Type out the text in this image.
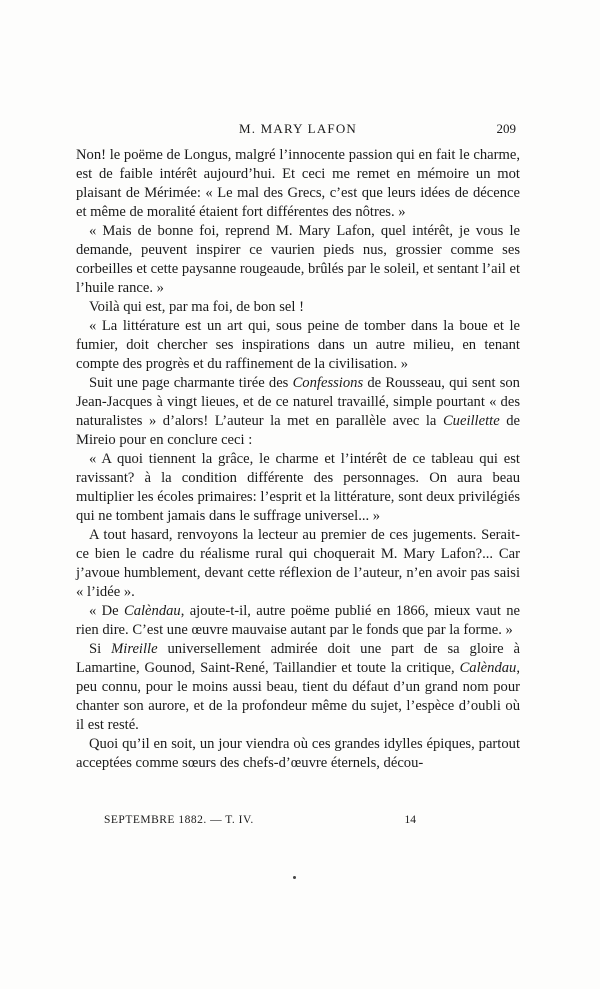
M. MARY LAFON	209

Non! le poëme de Longus, malgré l’innocente passion qui en fait le charme, est de faible intérêt aujourd’hui. Et ceci me remet en mémoire un mot plaisant de Mérimée: « Le mal des Grecs, c’est que leurs idées de décence et même de moralité étaient fort différentes des nôtres. »

« Mais de bonne foi, reprend M. Mary Lafon, quel intérêt, je vous le demande, peuvent inspirer ce vaurien pieds nus, grossier comme ses corbeilles et cette paysanne rougeaude, brûlés par le soleil, et sentant l’ail et l’huile rance. »

Voilà qui est, par ma foi, de bon sel !

« La littérature est un art qui, sous peine de tomber dans la boue et le fumier, doit chercher ses inspirations dans un autre milieu, en tenant compte des progrès et du raffinement de la civilisation. »

Suit une page charmante tirée des Confessions de Rousseau, qui sent son Jean-Jacques à vingt lieues, et de ce naturel travaillé, simple pourtant « des naturalistes » d’alors! L’auteur la met en parallèle avec la Cueillette de Mireio pour en conclure ceci :

« A quoi tiennent la grâce, le charme et l’intérêt de ce tableau qui est ravissant? à la condition différente des personnages. On aura beau multiplier les écoles primaires: l’esprit et la littérature, sont deux privilégiés qui ne tombent jamais dans le suffrage universel... »

A tout hasard, renvoyons la lecteur au premier de ces jugements. Serait-ce bien le cadre du réalisme rural qui choquerait M. Mary Lafon?... Car j’avoue humblement, devant cette réflexion de l’auteur, n’en avoir pas saisi « l’idée ».

« De Calèndau, ajoute-t-il, autre poëme publié en 1866, mieux vaut ne rien dire. C’est une œuvre mauvaise autant par le fonds que par la forme. »

Si Mireille universellement admirée doit une part de sa gloire à Lamartine, Gounod, Saint-René, Taillandier et toute la critique, Calèndau, peu connu, pour le moins aussi beau, tient du défaut d’un grand nom pour chanter son aurore, et de la profondeur même du sujet, l’espèce d’oubli où il est resté.

Quoi qu’il en soit, un jour viendra où ces grandes idylles épiques, partout acceptées comme sœurs des chefs-d’œuvre éternels, décou-

SEPTEMBRE 1882. — T. IV.	14
